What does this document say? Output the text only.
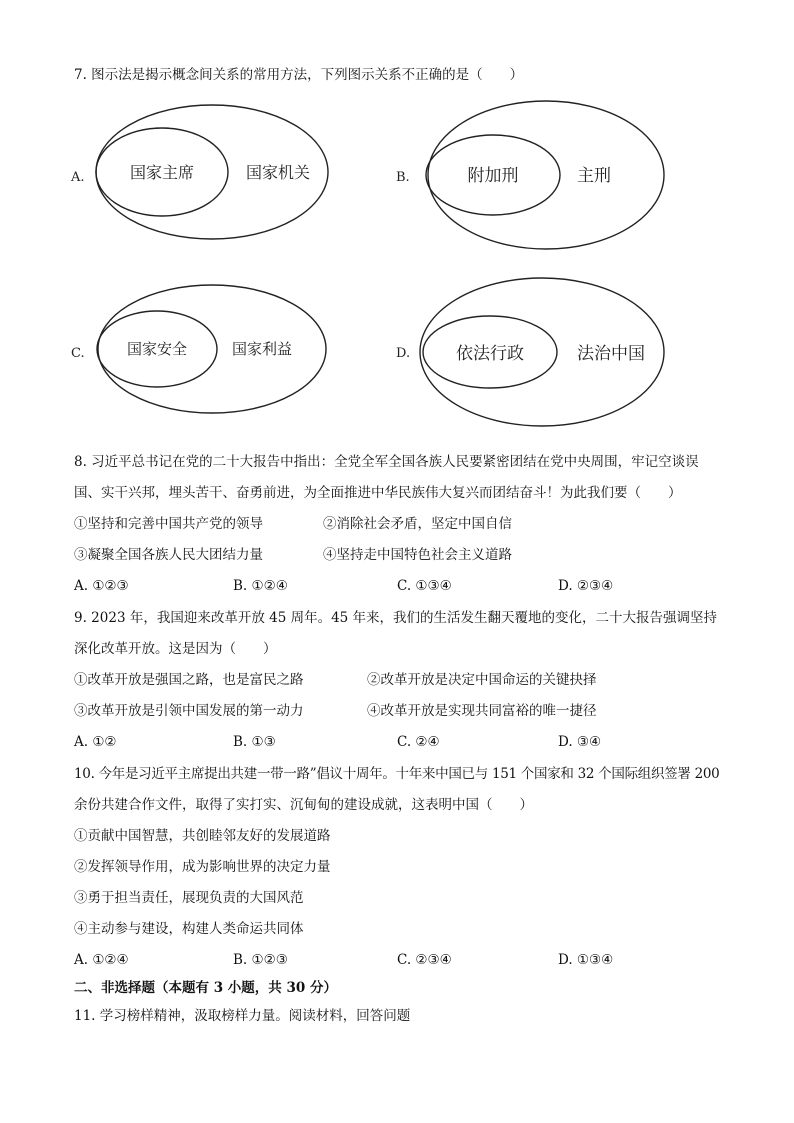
7. 图示法是揭示概念间关系的常用方法，下列图示关系不正确的是（　　）
A.	国家主席	国家机关	B.	附加刑	主刑
C.	国家安全	国家利益	D.	依法行政	法治中国
8. 习近平总书记在党的二十大报告中指出：全党全军全国各族人民要紧密团结在党中央周围，牢记空谈误
国、实干兴邦，埋头苦干、奋勇前进，为全面推进中华民族伟大复兴而团结奋斗！为此我们要（　　）
①坚持和完善中国共产党的领导	②消除社会矛盾，坚定中国自信
③凝聚全国各族人民大团结力量	④坚持走中国特色社会主义道路
A. ①②③	B. ①②④	C. ①③④	D. ②③④
9. 2023 年，我国迎来改革开放 45 周年。45 年来，我们的生活发生翻天覆地的变化，二十大报告强调坚持
深化改革开放。这是因为（　　）
①改革开放是强国之路，也是富民之路	②改革开放是决定中国命运的关键抉择
③改革开放是引领中国发展的第一动力	④改革开放是实现共同富裕的唯一捷径
A. ①②	B. ①③	C. ②④	D. ③④
10. 今年是习近平主席提出共建一带一路”倡议十周年。十年来中国已与 151 个国家和 32 个国际组织签署 200
余份共建合作文件，取得了实打实、沉甸甸的建设成就，这表明中国（　　）
①贡献中国智慧，共创睦邻友好的发展道路
②发挥领导作用，成为影响世界的决定力量
③勇于担当责任，展现负责的大国风范
④主动参与建设，构建人类命运共同体
A. ①②④	B. ①②③	C. ②③④	D. ①③④
二、非选择题（本题有 3 小题，共 30 分）
11. 学习榜样精神，汲取榜样力量。阅读材料，回答问题
